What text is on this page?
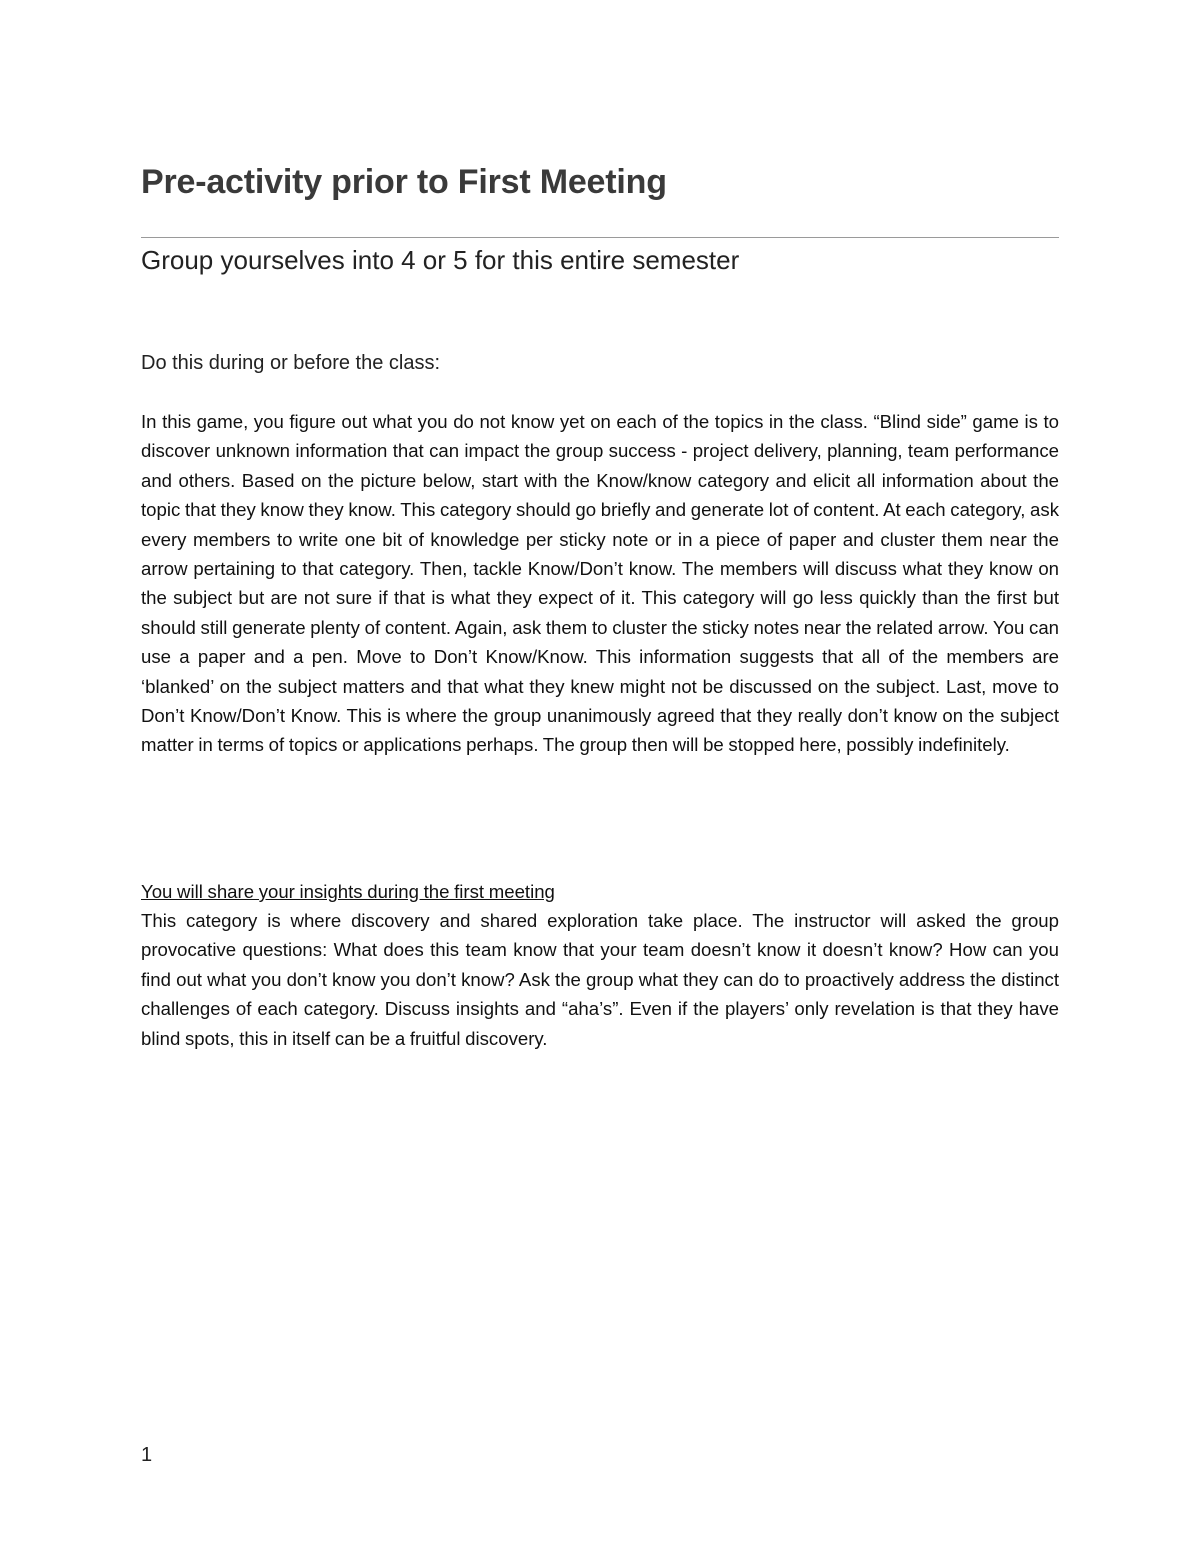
Pre-activity prior to First Meeting
Group yourselves into 4 or 5 for this entire semester

Do this during or before the class:

In this game, you figure out what you do not know yet on each of the topics in the class. “Blind side” game is to discover unknown information that can impact the group success - project delivery, planning, team performance and others. Based on the picture below, start with the Know/know category and elicit all information about the topic that they know they know. This category should go briefly and generate lot of content. At each category, ask every members to write one bit of knowledge per sticky note or in a piece of paper and cluster them near the arrow pertaining to that category. Then, tackle Know/Don’t know. The members will discuss what they know on the subject but are not sure if that is what they expect of it. This category will go less quickly than the first but should still generate plenty of content. Again, ask them to cluster the sticky notes near the related arrow. You can use a paper and a pen. Move to Don’t Know/Know. This information suggests that all of the members are ‘blanked’ on the subject matters and that what they knew might not be discussed on the subject. Last, move to Don’t Know/Don’t Know. This is where the group unanimously agreed that they really don’t know on the subject matter in terms of topics or applications perhaps. The group then will be stopped here, possibly indefinitely.

You will share your insights during the first meeting

This category is where discovery and shared exploration take place. The instructor will asked the group provocative questions: What does this team know that your team doesn’t know it doesn’t know? How can you find out what you don’t know you don’t know? Ask the group what they can do to proactively address the distinct challenges of each category. Discuss insights and “aha’s”. Even if the players’ only revelation is that they have blind spots, this in itself can be a fruitful discovery.

1
